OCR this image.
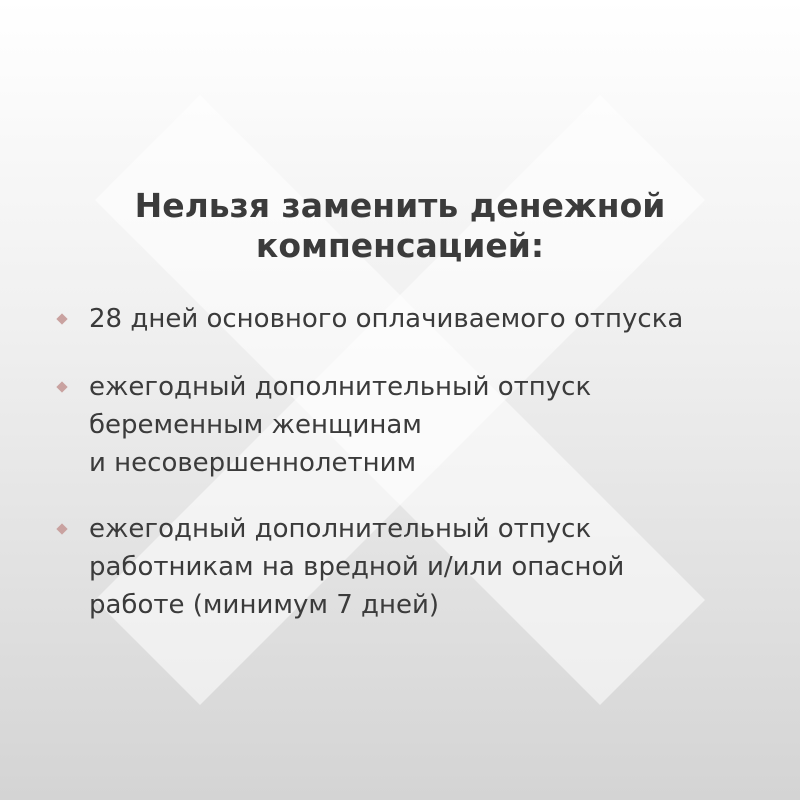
Нельзя заменить денежной
компенсацией:
28 дней основного оплачиваемого отпуска
ежегодный дополнительный отпуск
беременным женщинам
и несовершеннолетним
ежегодный дополнительный отпуск
работникам на вредной и/или опасной
работе (минимум 7 дней)
